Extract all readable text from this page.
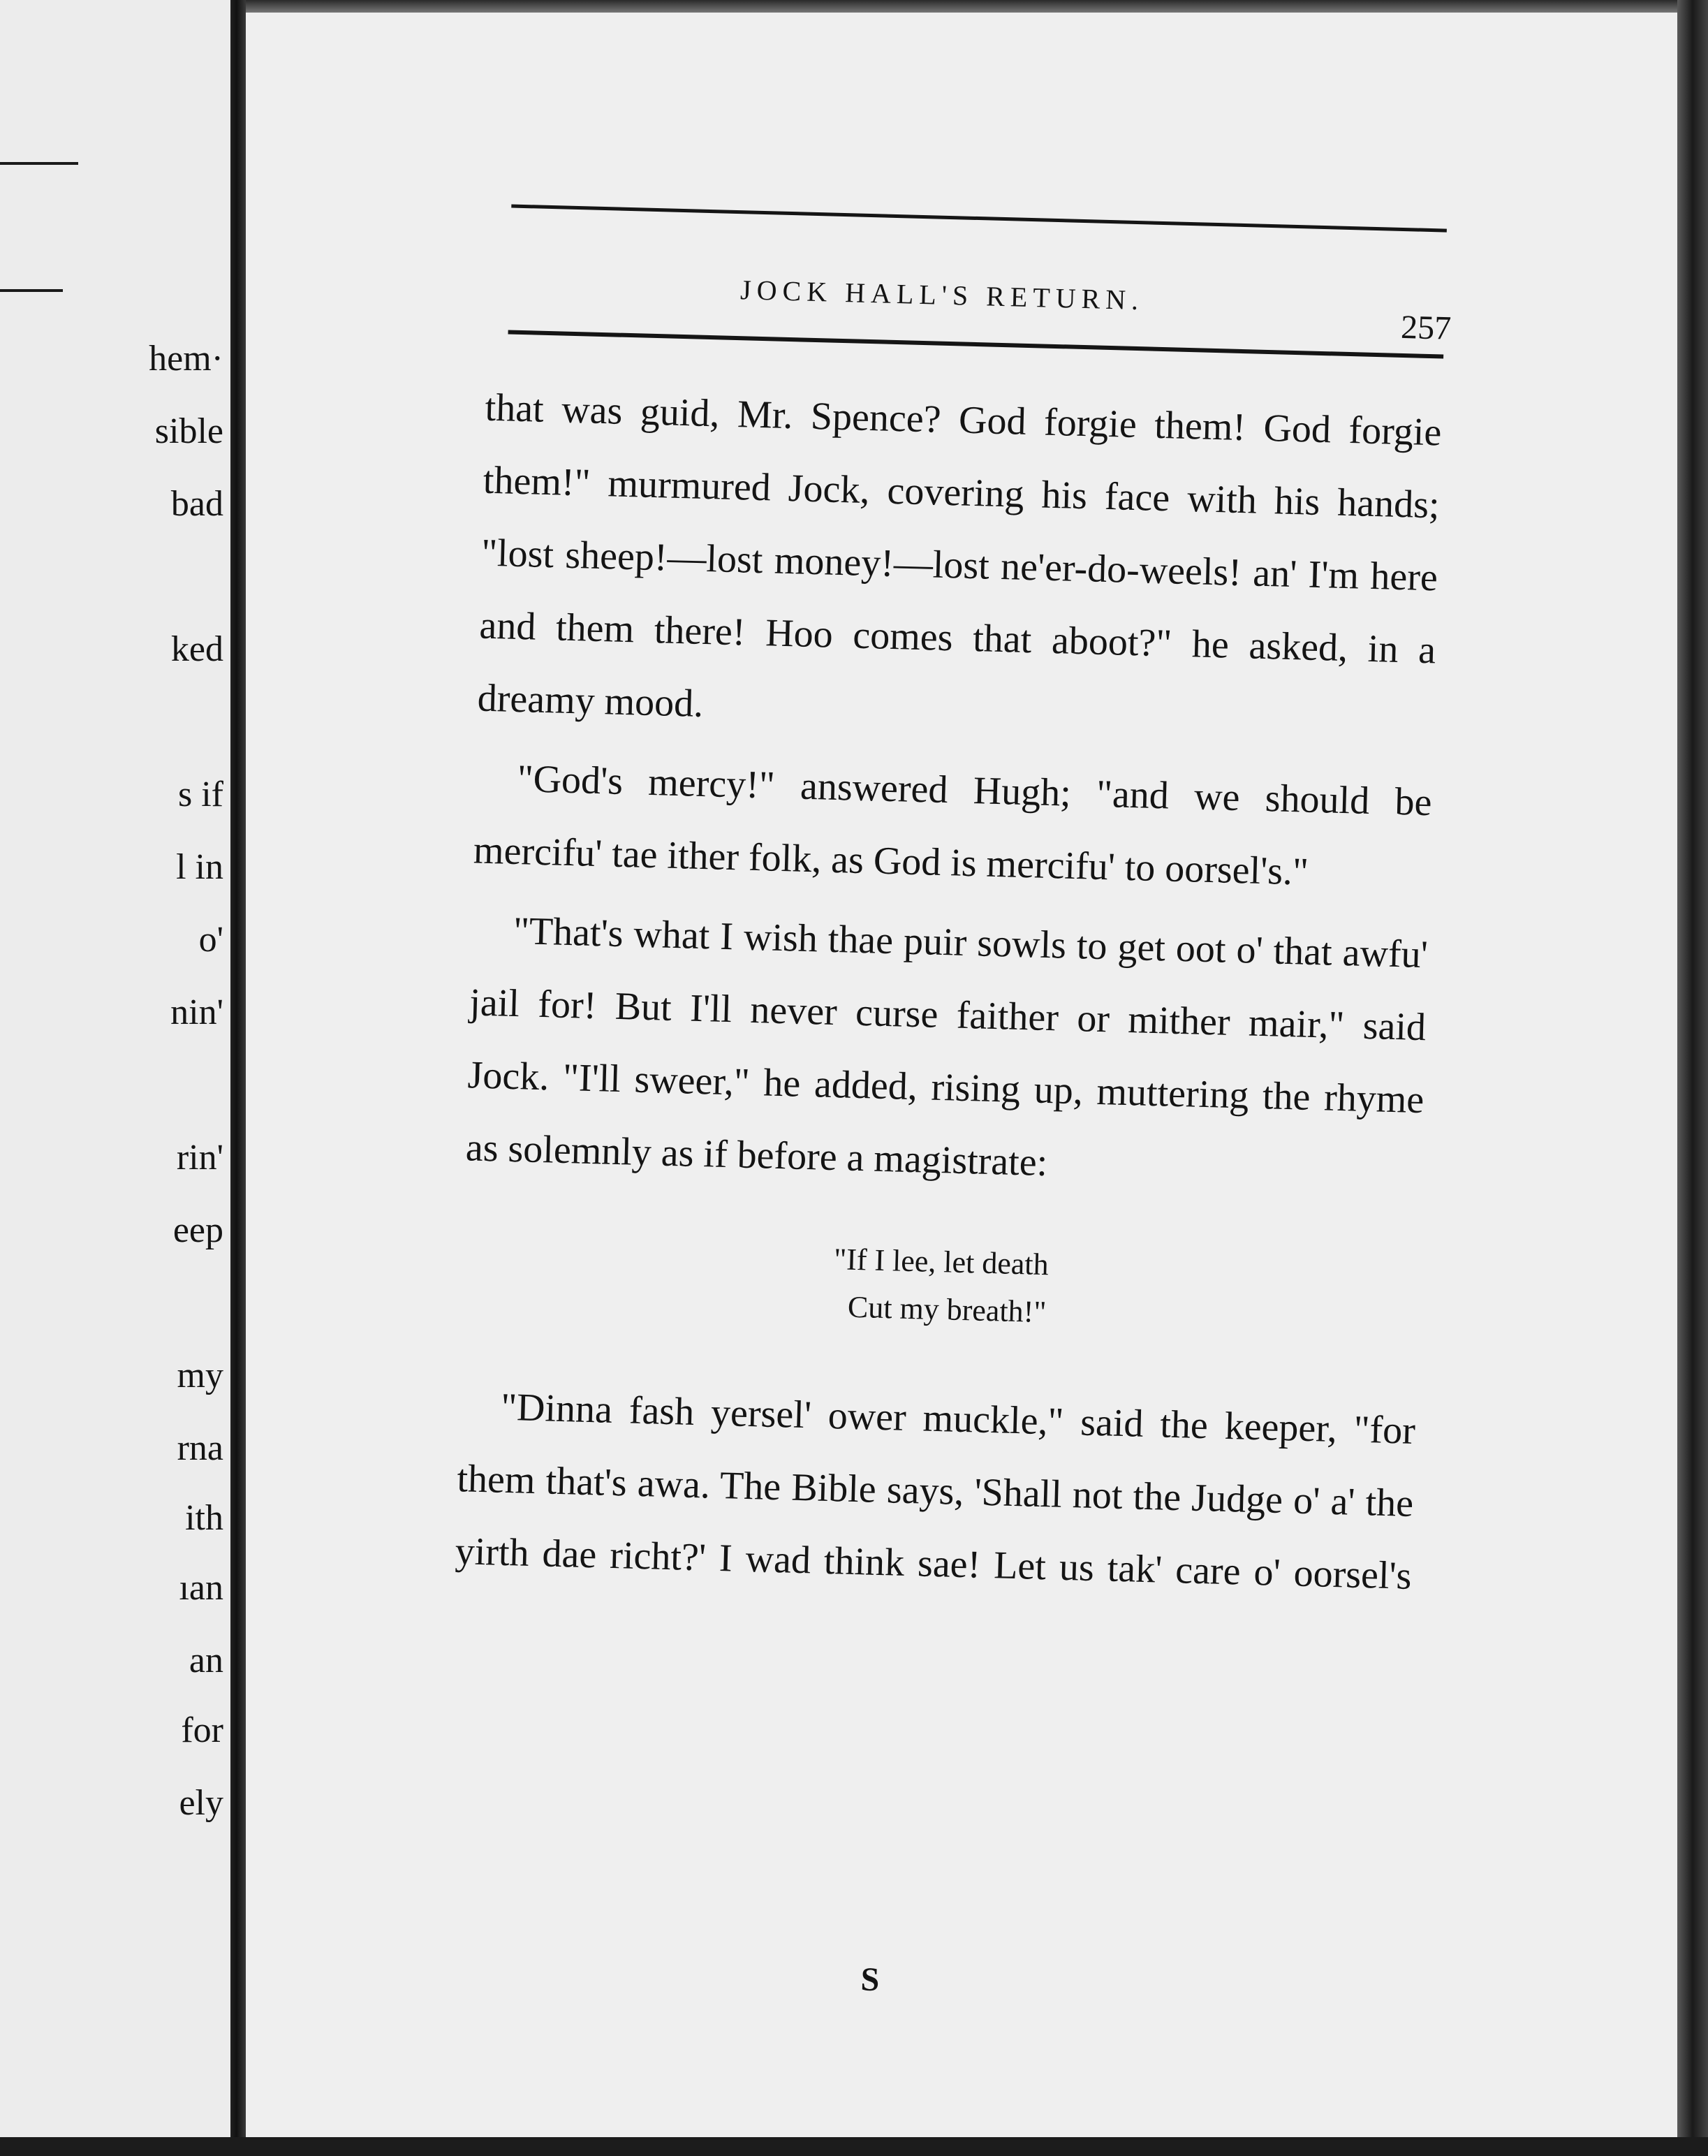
hem·
sible
bad
ked
s if
l in
o'
nin'
rin'
eep
my
rna
ith
ıan
an
for
ely
JOCK HALL'S RETURN.
257

that was guid, Mr. Spence? God forgie them! God forgie them!" murmured Jock, covering his face with his hands; "lost sheep!—lost money!—lost ne'er-do-weels! an' I'm here and them there! Hoo comes that aboot?" he asked, in a dreamy mood.

"God's mercy!" answered Hugh; "and we should be mercifu' tae ither folk, as God is mercifu' to oorsel's."

"That's what I wish thae puir sowls to get oot o' that awfu' jail for! But I'll never curse faither or mither mair," said Jock. "I'll sweer," he added, rising up, muttering the rhyme as solemnly as if before a magistrate:

"If I lee, let death
Cut my breath!"

"Dinna fash yersel' ower muckle," said the keeper, "for them that's awa. The Bible says, 'Shall not the Judge o' a' the yirth dae richt?' I wad think sae! Let us tak' care o' oorsel's

S
